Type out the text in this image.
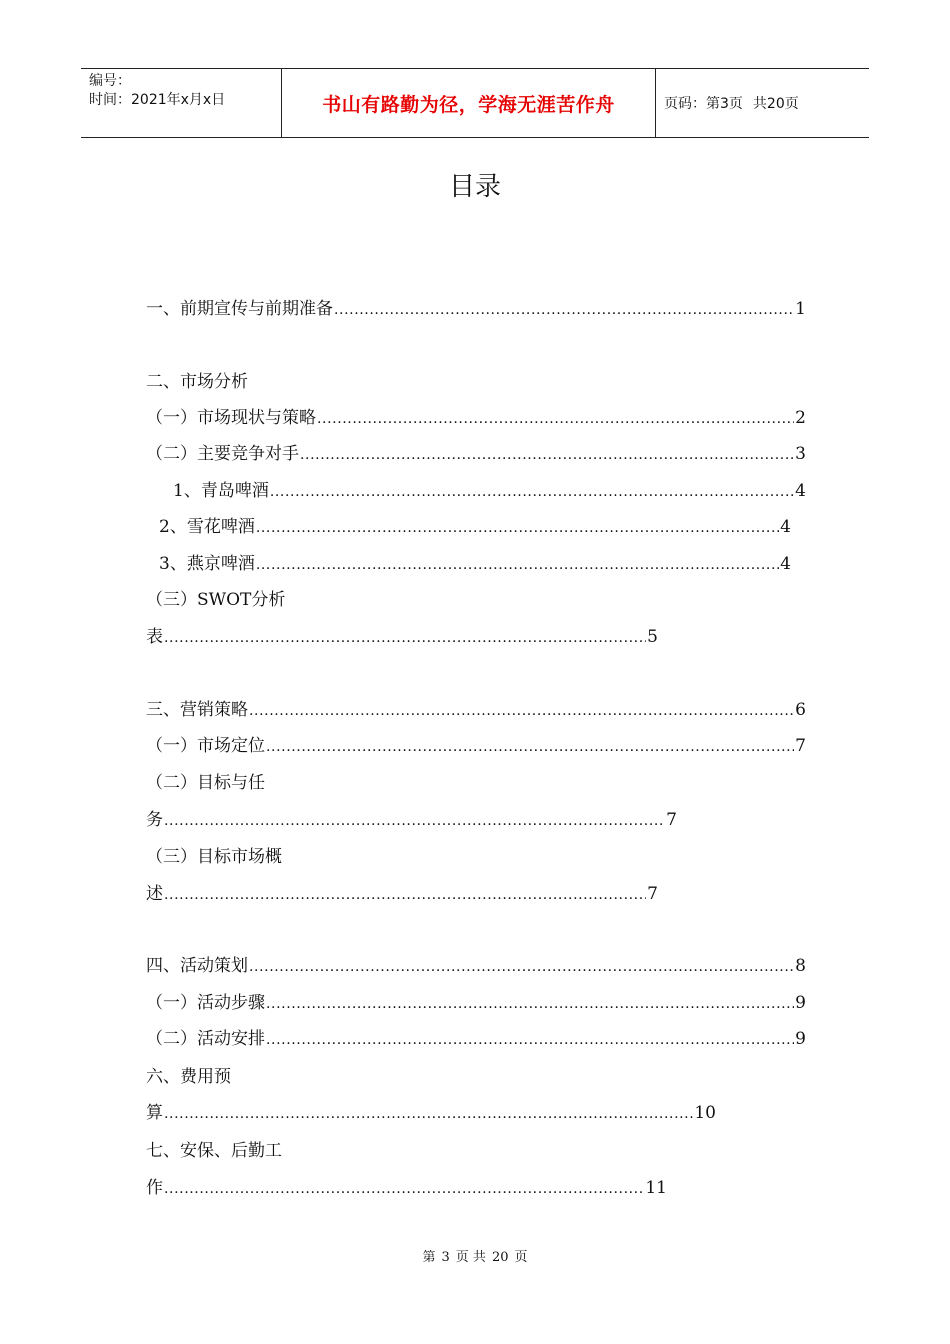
编号：
时间：2021年x月x日	书山有路勤为径，学海无涯苦作舟	页码：第3页 共20页
目录
一、前期宣传与前期准备 .....	1
二、市场分析
（一）市场现状与策略 .....	2
（二）主要竞争对手 .....	3
1、青岛啤酒 .....	4
2、雪花啤酒 .....	4
3、燕京啤酒 .....	4
（三）SWOT分析
表 .....	5
三、营销策略 .....	6
（一）市场定位 .....	7
（二）目标与任
务 .....	7
（三）目标市场概
述 .....	7
四、活动策划 .....	8
（一）活动步骤 .....	9
（二）活动安排 .....	9
六、费用预
算 .....	10
七、安保、后勤工
作 .....	11
第 3 页 共 20 页
